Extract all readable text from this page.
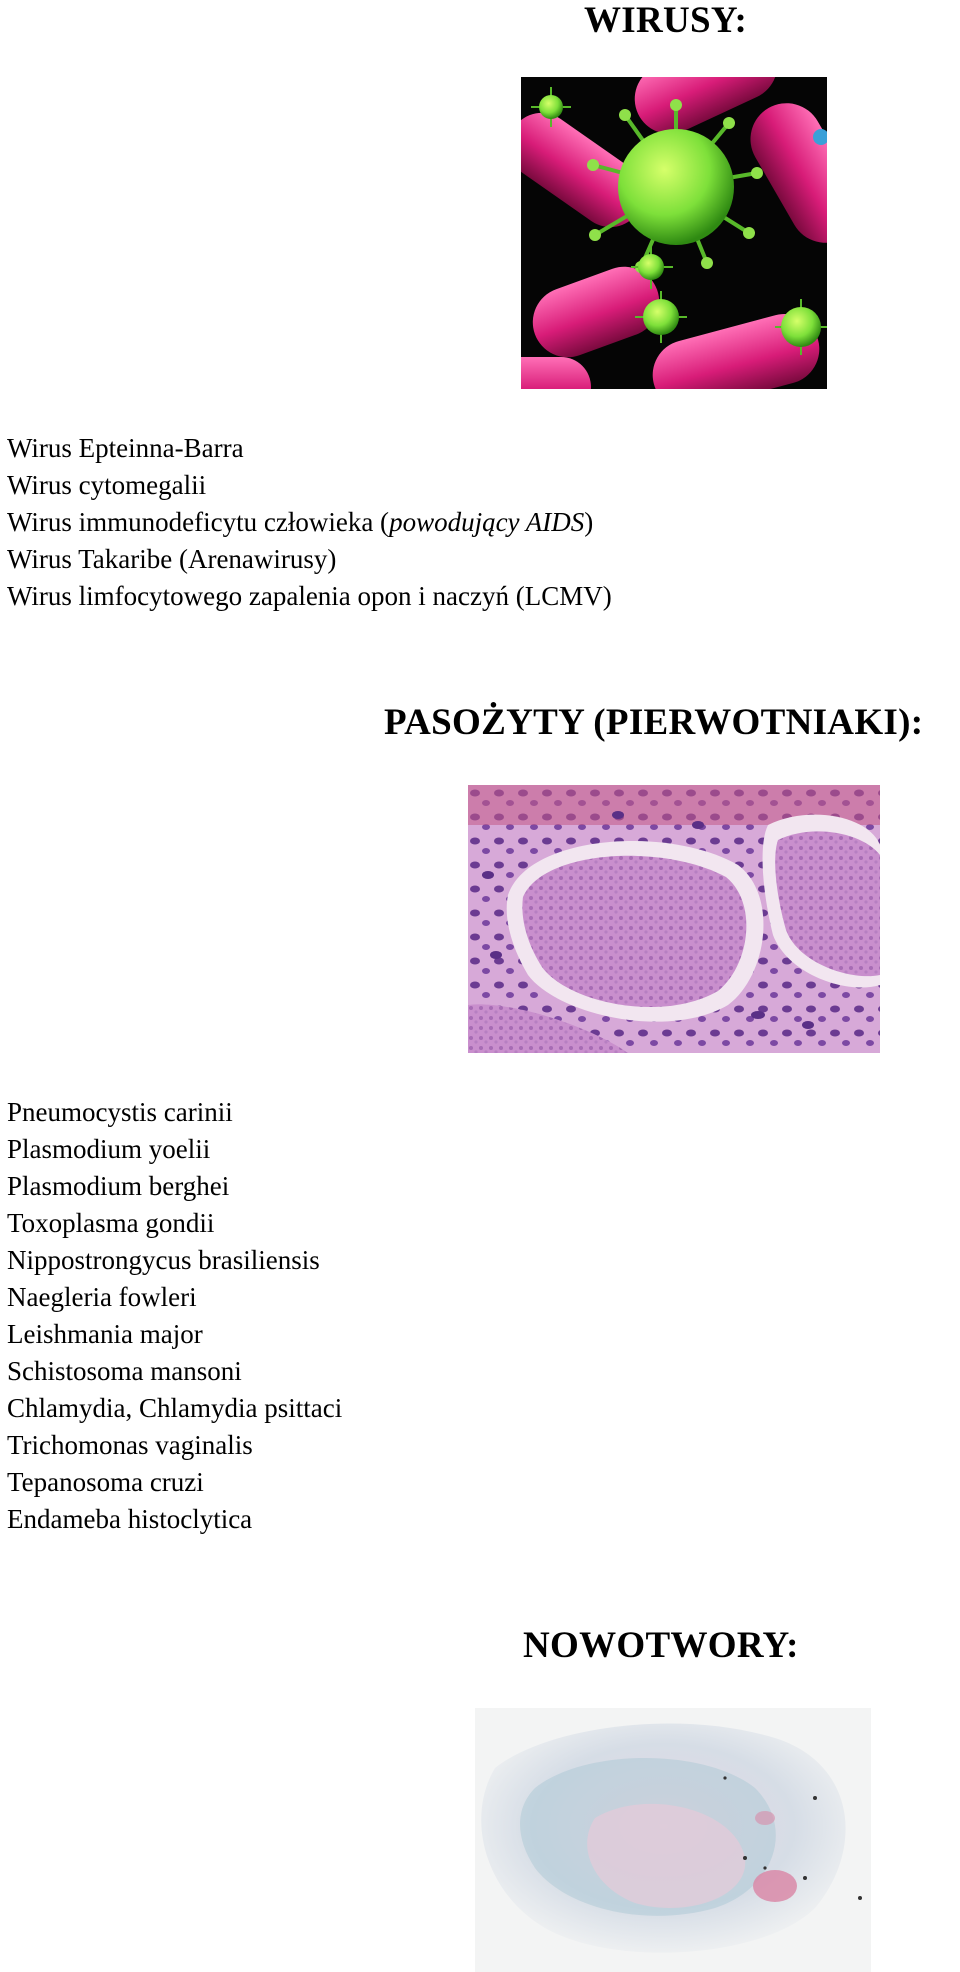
WIRUSY:
Wirus Epteinna-Barra
Wirus cytomegalii
Wirus immunodeficytu człowieka (powodujący AIDS)
Wirus Takaribe (Arenawirusy)
Wirus limfocytowego zapalenia opon i naczyń (LCMV)
PASOŻYTY (PIERWOTNIAKI):
Pneumocystis carinii
Plasmodium yoelii
Plasmodium berghei
Toxoplasma gondii
Nippostrongycus brasiliensis
Naegleria fowleri
Leishmania major
Schistosoma mansoni
Chlamydia, Chlamydia psittaci
Trichomonas vaginalis
Tepanosoma cruzi
Endameba histoclytica
NOWOTWORY:
